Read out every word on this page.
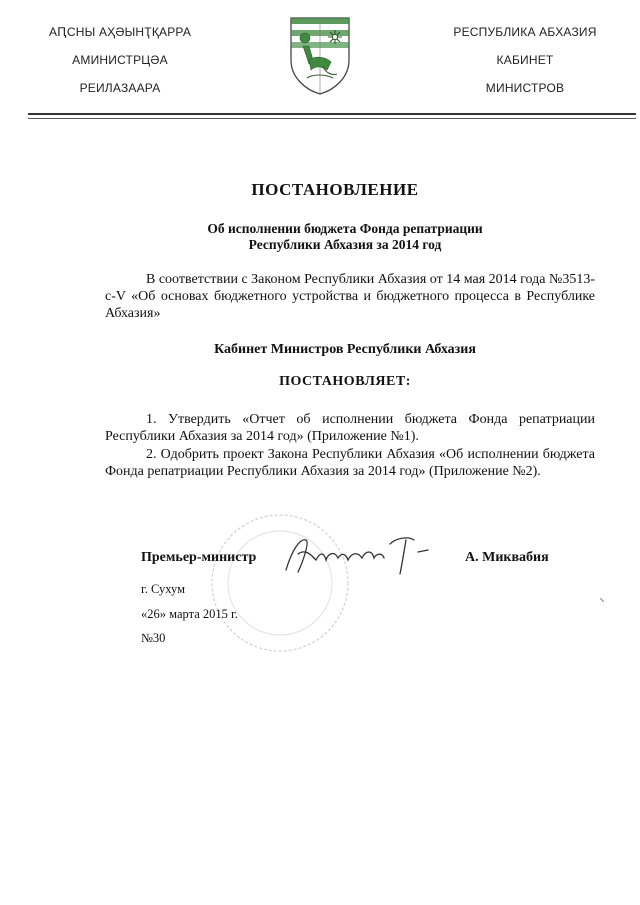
АԤСНЫ АҲӘЫНҬҚАРРА
АМИНИСТРЦӘА
РЕИЛАЗААРА
РЕСПУБЛИКА АБХАЗИЯ
КАБИНЕТ
МИНИСТРОВ
ПОСТАНОВЛЕНИЕ
Об исполнении бюджета Фонда репатриации
Республики Абхазия за 2014 год

В соответствии с Законом Республики Абхазия от 14 мая 2014 года №3513-с-V «Об основах бюджетного устройства и бюджетного процесса в Республике Абхазия»

Кабинет Министров Республики Абхазия
ПОСТАНОВЛЯЕТ:

1. Утвердить «Отчет об исполнении бюджета Фонда репатриации Республики Абхазия за 2014 год» (Приложение №1).

2. Одобрить проект Закона Республики Абхазия «Об исполнении бюджета Фонда репатриации Республики Абхазия за 2014 год» (Приложение №2).

Премьер-министр	А. Миквабия
г. Сухум
«26» марта 2015 г.
№30
